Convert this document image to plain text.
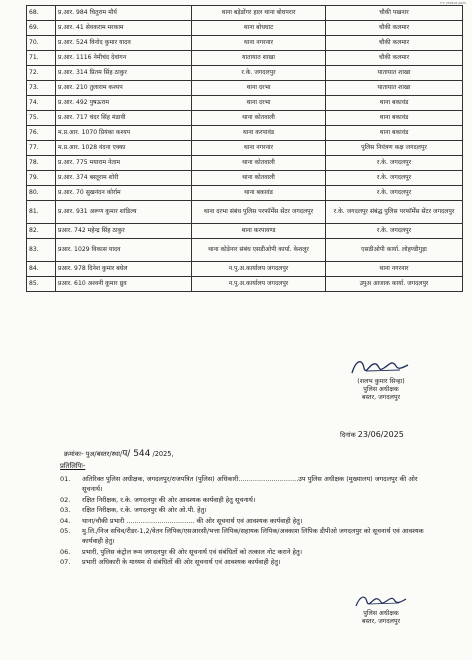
F.T. 250816-2025
68.	प्र.आर. 984 चितुराम मौर्य	थाना बड़ेडोंगर हाल थाना बोधपरार	चौकी पखनार
69.	प्र.आर. 41 सेवकराम मरकाम	थाना बोधघाट	चौकी कलमार
70.	प्र.आर. 524 विनोद कुमार यादव	थाना नगरनार	चौकी कलमार
71.	प्र.आर. 1116 नेमीचंद देवांगन	यातायात शाखा	चौकी कलमार
72.	प्र.आर. 314 प्रितम सिंह ठाकुर	र.के. जगदलपुर	यातायात शाखा
73.	प्र.आर. 210 तुलाराम कश्यप	थाना दरभा	यातायात शाखा
74.	प्र.आर. 492 पुषऊराम	थाना दरभा	थाना बकावंड
75.	प्र.आर. 717 चंदर सिंह मंडावी	थाना कोतवाली	थाना बकावंड
76.	म.प्र.आर. 1070 प्रियंका कश्यप	थाना करपावंड	थाना बकावंड
77.	म.प्र.आर. 1028 वंदना एक्का	थाना नगरनार	पुलिस नियंत्रण कक्ष जगदलपुर
78.	प्र.आर. 775 मयाराम नेताम	थाना कोतवाली	र.के. जगदलपुर
79.	प्र.आर. 374 बस्तूराम शोरी	थाना कोतवाली	र.के. जगदलपुर
80.	प्र.आर. 70 सुखनंदन कोर्राम	थाना बकावंड	र.के. जगदलपुर
81.	प्र.आर. 931 अरूण कुमार शांडिल्य	थाना दरभा संबंध पुलिस परफॉर्मेंस सेंटर जगदलपुर	र.के. जगदलपुर संबंद्ध पुलिस परफॉर्मेंस सेंटर जगदलपुर
82.	प्रआर. 742 महेन्द्र सिंह ठाकुर	थाना करपावण्ड	र.के. जगदलपुर
83.	प्रआर. 1029 विकास यादव	थाना कोडेनार संबंध एसडीओपी कार्या. केशलूर	एसडीओपी कार्या. लोहण्डीगुड़ा
84.	प्रआर. 978 दिनेश कुमार बघेल	न.पु.अ.कार्यालय जगदलपुर	थाना नगरनार
85.	प्रआर. 610 अश्वनी कुमार ध्रुव	न.पु.अ.कार्यालय जगदलपुर	उपुअ आजाक कार्या. जगदलपुर
(शलभ कुमार सिन्हा)
पुलिस अधीक्षक
बस्तर, जगदलपुर
दिनांक 23/06/2025
क्रमांकः- पुअ/बस्तर/स्था/प/ 544 /2025,
प्रतिलिपिः-
01.	अतिरिक्त पुलिस अधीक्षक, जगदलपुर/राजपत्रित (पुलिस) अधिकारी.............................उप पुलिस अधीक्षक (मुख्यालय) जगदलपुर की ओर सूचनार्थ।
02.	रक्षित निरीक्षक, र.के. जगदलपुर की ओर आवश्यक कार्यवाही हेतु सूचनार्थ।
03.	रक्षित निरीक्षक, र.के. जगदलपुर की ओर ओ.पी. हेतु।
04.	थाना/चौकी प्रभारी ................................. की ओर सूचनार्थ एवं आवश्यक कार्यवाही हेतु।
05.	मु.लि./निज सचिव/रीडर-1,2/वेतन लिपिक/एसआरसी/भत्ता लिपिक/सहायक लिपिक/अवकाश लिपिक डीपीओ जगदलपुर को सूचनार्थ एवं आवश्यक कार्यवाही हेतु।
06.	प्रभारी, पुलिस कंट्रोल रूम जगदलपुर की ओर सूचनार्थ एवं संबंधितों को तत्काल नोट कराने हेतु।
07.	प्रभारी अधिकारी के माध्यम से संबंधितों की ओर सूचनार्थ एवं आवश्यक कार्यवाही हेतु।
पुलिस अधीक्षक
बस्तर, जगदलपुर
